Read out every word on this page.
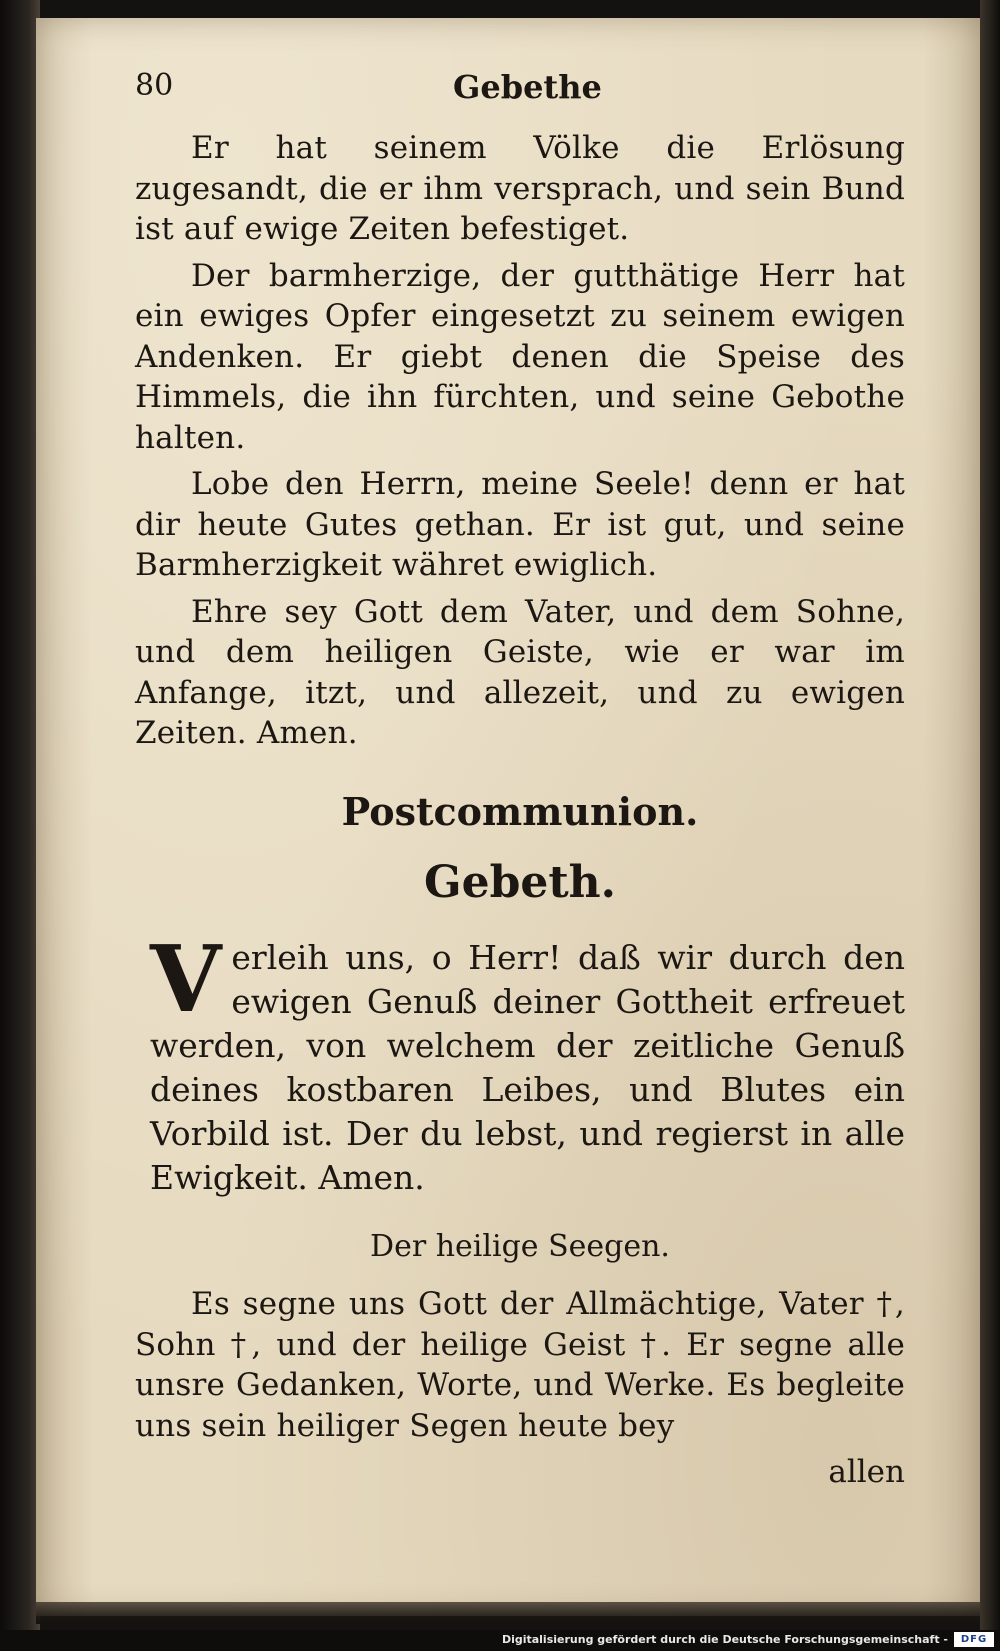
80	Gebethe

Er hat seinem Völke die Erlösung zugesandt, die er ihm versprach, und sein Bund ist auf ewige Zeiten befestiget.

Der barmherzige, der gutthätige Herr hat ein ewiges Opfer eingesetzt zu seinem ewigen Andenken. Er giebt denen die Speise des Himmels, die ihn fürchten, und seine Gebothe halten.

Lobe den Herrn, meine Seele! denn er hat dir heute Gutes gethan. Er ist gut, und seine Barmherzigkeit währet ewiglich.

Ehre sey Gott dem Vater, und dem Sohne, und dem heiligen Geiste, wie er war im Anfange, itzt, und allezeit, und zu ewigen Zeiten. Amen.

Postcommunion.

Gebeth.

Verleih uns, o Herr! daß wir durch den ewigen Genuß deiner Gottheit erfreuet werden, von welchem der zeitliche Genuß deines kostbaren Leibes, und Blutes ein Vorbild ist. Der du lebst, und regierst in alle Ewigkeit. Amen.

Der heilige Seegen.

Es segne uns Gott der Allmächtige, Vater †, Sohn †, und der heilige Geist †. Er segne alle unsre Gedanken, Worte, und Werke. Es begleite uns sein heiliger Segen heute bey

allen

Digitalisierung gefördert durch die Deutsche Forschungsgemeinschaft -	DFG
